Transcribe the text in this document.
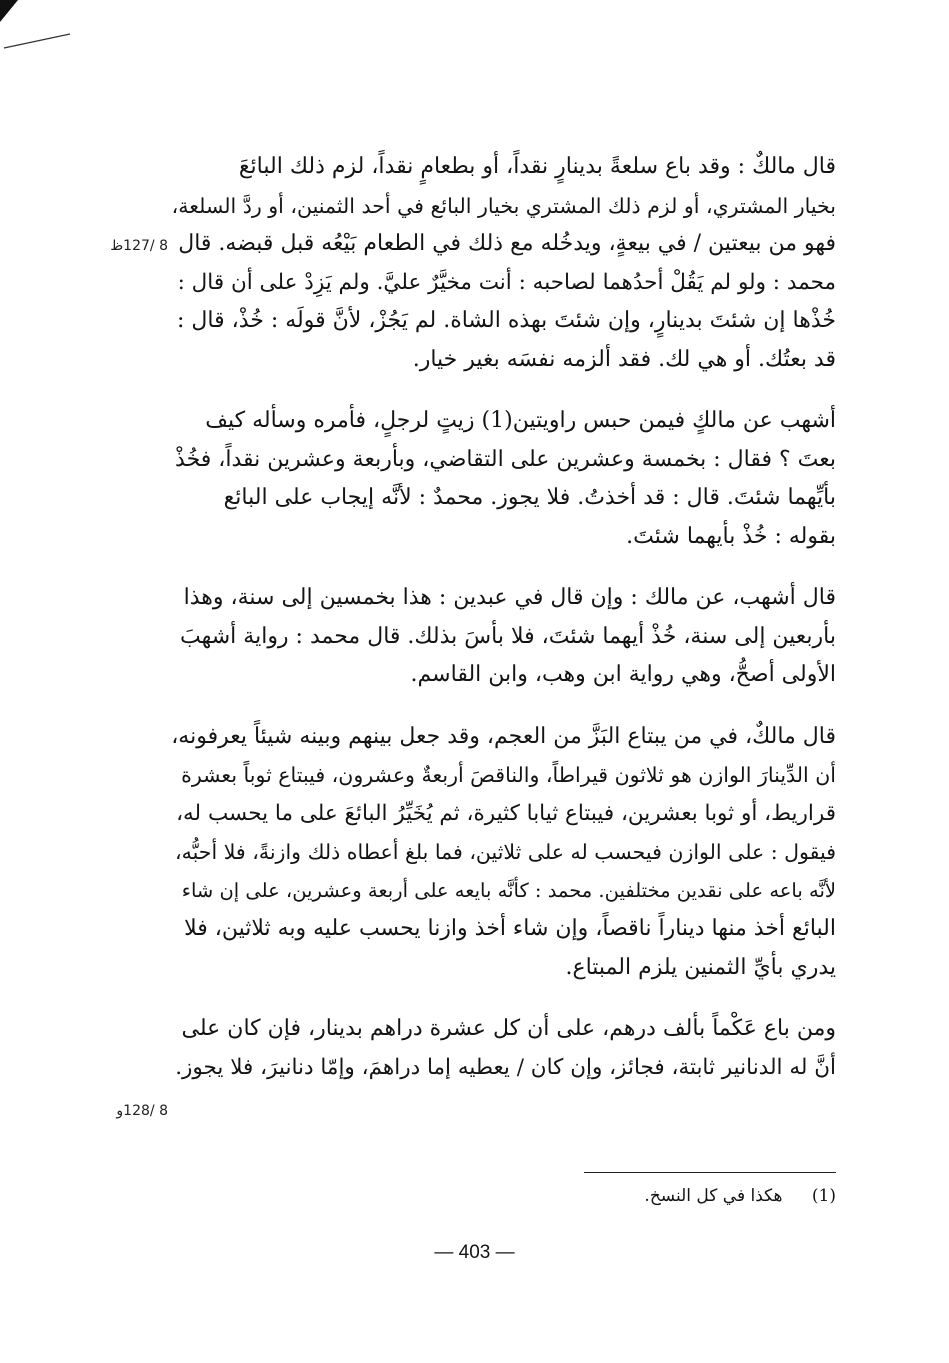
قال مالكٌ : وقد باع سلعةً بدينارٍ نقداً، أو بطعامٍ نقداً، لزم ذلك البائعَ
بخيار المشتري، أو لزم ذلك المشتري بخيار البائع في أحد الثمنين، أو ردَّ السلعة،
فهو من بيعتين / في بيعةٍ، ويدخُله مع ذلك في الطعام بَيْعُه قبل قبضه. قال
محمد : ولو لم يَقُلْ أحدُهما لصاحبه : أنت مخيَّرٌ عليَّ. ولم يَزِدْ على أن قال :
خُذْها إن شئتَ بدينارٍ، وإن شئتَ بهذه الشاة. لم يَجُزْ، لأنَّ قولَه : خُذْ، قال :
قد بعتُك. أو هي لك. فقد ألزمه نفسَه بغير خيار.

أشهب عن مالكٍ فيمن حبس راويتين(1) زيتٍ لرجلٍ، فأمره وسأله كيف
بعتَ ؟ فقال : بخمسة وعشرين على التقاضي، وبأربعة وعشرين نقداً، فخُذْ
بأيِّهما شئتَ. قال : قد أخذتُ. فلا يجوز. محمدٌ : لأنَّه إيجاب على البائع
بقوله : خُذْ بأيهما شئتَ.

قال أشهب، عن مالك : وإن قال في عبدين : هذا بخمسين إلى سنة، وهذا
بأربعين إلى سنة، خُذْ أيهما شئتَ، فلا بأسَ بذلك. قال محمد : رواية أشهبَ
الأولى أصحُّ، وهي رواية ابن وهب، وابن القاسم.

قال مالكٌ، في من يبتاع البَزَّ من العجم، وقد جعل بينهم وبينه شيئاً يعرفونه،
أن الدِّينارَ الوازن هو ثلاثون قيراطاً، والناقصَ أربعةٌ وعشرون، فيبتاع ثوباً بعشرة
قراريط، أو ثوبا بعشرين، فيبتاع ثيابا كثيرة، ثم يُخَيِّرُ البائعَ على ما يحسب له،
فيقول : على الوازن فيحسب له على ثلاثين، فما بلغ أعطاه ذلك وازنةً، فلا أحبُّه،
لأنَّه باعه على نقدين مختلفين. محمد : كأنَّه بايعه على أربعة وعشرين، على إن شاء
البائع أخذ منها ديناراً ناقصاً، وإن شاء أخذ وازنا يحسب عليه وبه ثلاثين، فلا
يدري بأيِّ الثمنين يلزم المبتاع.

ومن باع عَكْماً بألف درهم، على أن كل عشرة دراهم بدينار، فإن كان على
أنَّ له الدنانير ثابتة، فجائز، وإن كان / يعطيه إما دراهمَ، وإمّا دنانيرَ، فلا يجوز.

8 /127ظ
8 /128و
(1) هكذا في كل النسخ.
— 403 —
